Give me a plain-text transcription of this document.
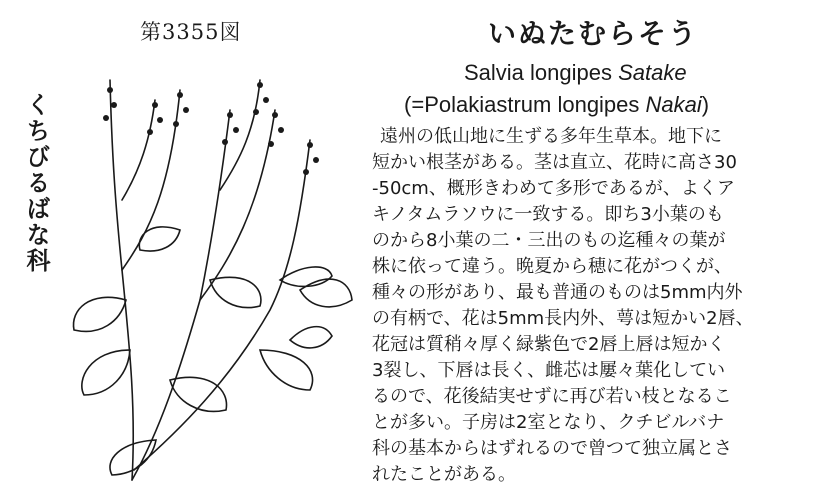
第3355図
くちびるばな科
いぬたむらそう
Salvia longipes Satake
(=Polakiastrum longipes Nakai)
遠州の低山地に生ずる多年生草本。地下に
短かい根茎がある。茎は直立、花時に高さ30
-50cm、概形きわめて多形であるが、よくア
キノタムラソウに一致する。即ち3小葉のも
のから8小葉の二・三出のもの迄種々の葉が
株に依って違う。晩夏から穂に花がつくが、
種々の形があり、最も普通のものは5mm内外
の有柄で、花は5mm長内外、萼は短かい2唇、
花冠は質稍々厚く緑紫色で2唇上唇は短かく
3裂し、下唇は長く、雌芯は屢々葉化してい
るので、花後結実せずに再び若い枝となるこ
とが多い。子房は2室となり、クチビルバナ
科の基本からはずれるので曾つて独立属とさ
れたことがある。
